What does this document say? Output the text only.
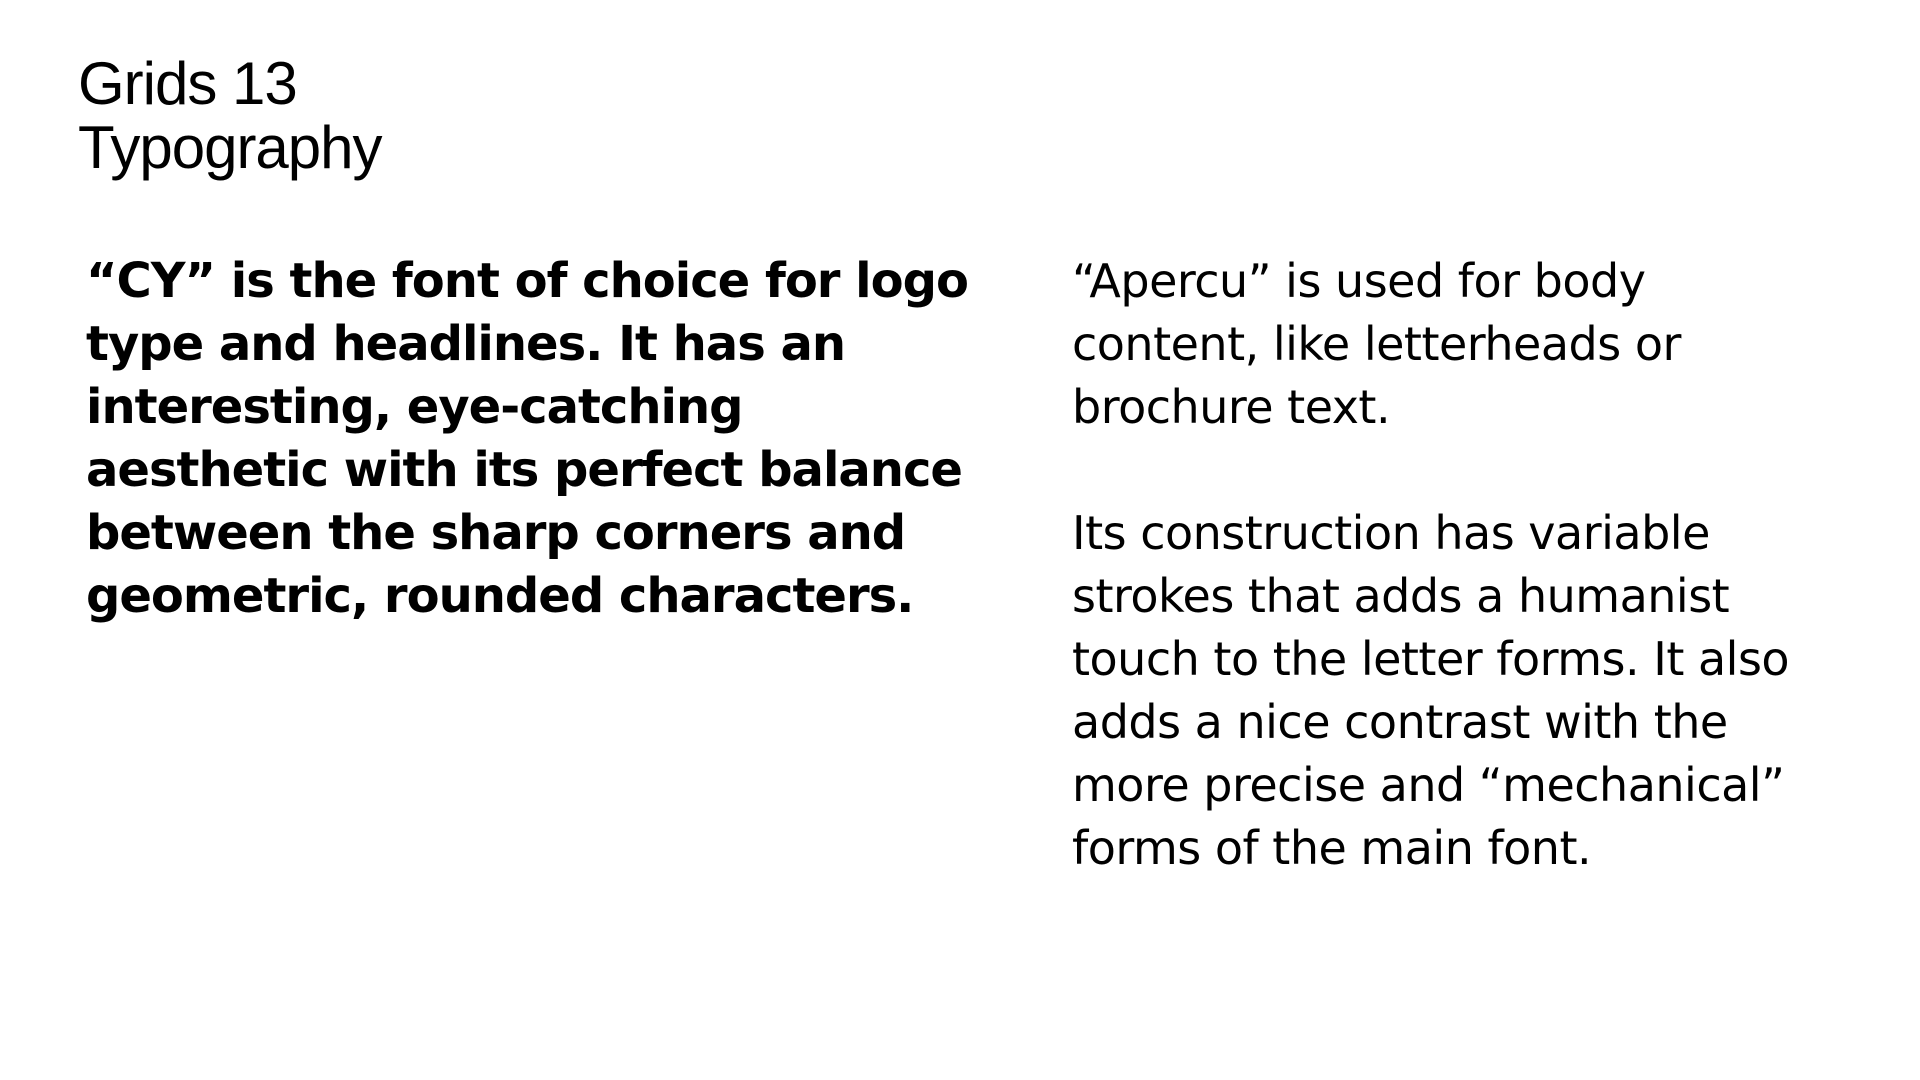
Grids 13
Typography
“CY” is the font of choice for logo
type and headlines. It has an
interesting, eye-catching
aesthetic with its perfect balance
between the sharp corners and
geometric, rounded characters.
“Apercu” is used for body
content, like letterheads or
brochure text.
Its construction has variable
strokes that adds a humanist
touch to the letter forms. It also
adds a nice contrast with the
more precise and “mechanical”
forms of the main font.
